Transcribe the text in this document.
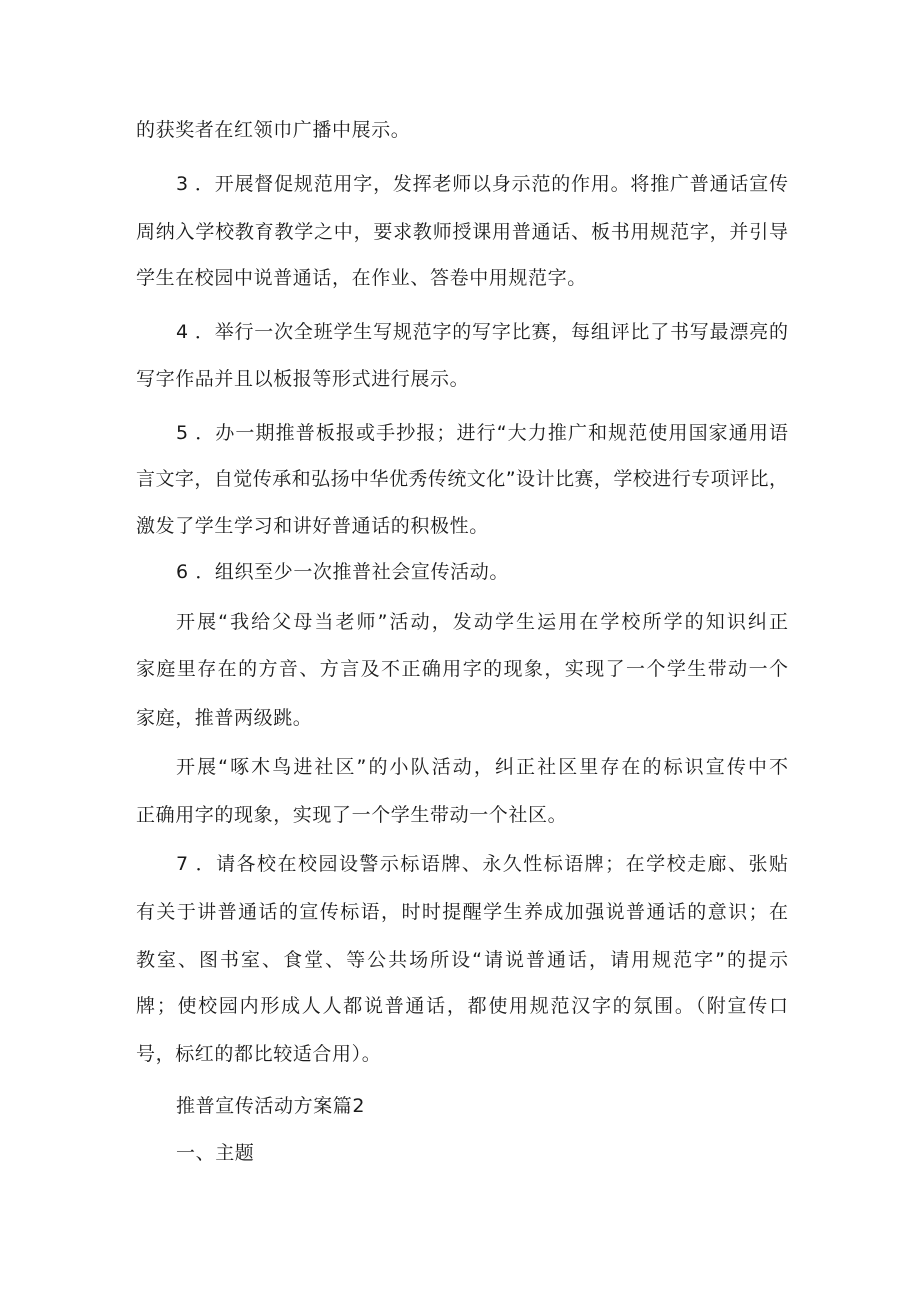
的获奖者在红领巾广播中展示。
3 ．开展督促规范用字，发挥老师以身示范的作用。将推广普通话宣传
周纳入学校教育教学之中，要求教师授课用普通话、板书用规范字，并引导
学生在校园中说普通话，在作业、答卷中用规范字。
4 ．举行一次全班学生写规范字的写字比赛，每组评比了书写最漂亮的
写字作品并且以板报等形式进行展示。
5 ．办一期推普板报或手抄报；进行“大力推广和规范使用国家通用语
言文字，自觉传承和弘扬中华优秀传统文化”设计比赛，学校进行专项评比，
激发了学生学习和讲好普通话的积极性。
6 ．组织至少一次推普社会宣传活动。
开展“我给父母当老师”活动，发动学生运用在学校所学的知识纠正
家庭里存在的方音、方言及不正确用字的现象，实现了一个学生带动一个
家庭，推普两级跳。
开展“啄木鸟进社区”的小队活动，纠正社区里存在的标识宣传中不
正确用字的现象，实现了一个学生带动一个社区。
7 ．请各校在校园设警示标语牌、永久性标语牌；在学校走廊、张贴
有关于讲普通话的宣传标语，时时提醒学生养成加强说普通话的意识；在
教室、图书室、食堂、等公共场所设“请说普通话，请用规范字”的提示
牌；使校园内形成人人都说普通话，都使用规范汉字的氛围。（附宣传口
号，标红的都比较适合用）。
推普宣传活动方案篇2
一、主题
